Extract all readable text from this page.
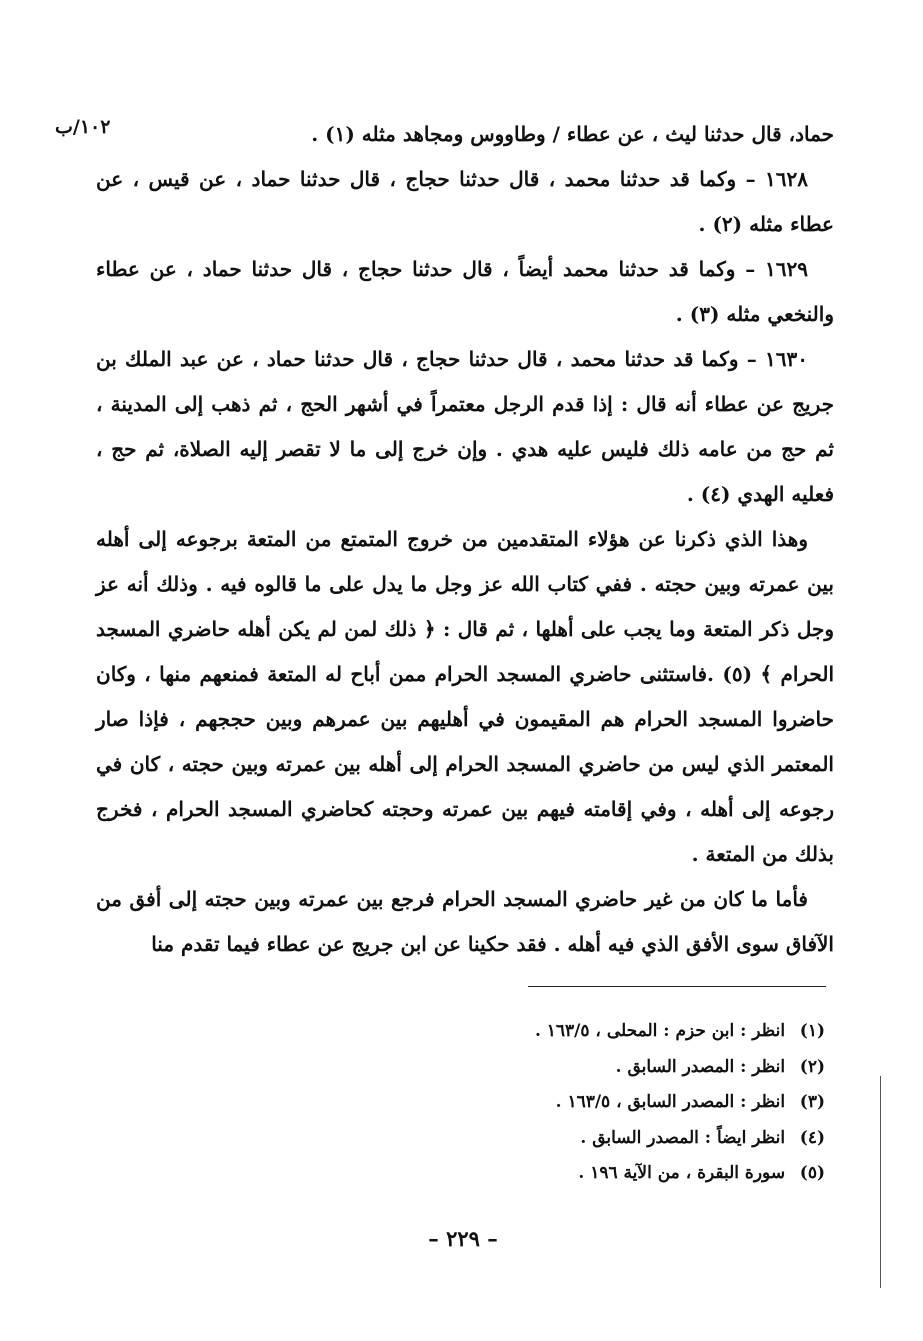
١٠٢/ب	حماد، قال حدثنا ليث ، عن عطاء / وطاووس ومجاهد مثله (١) .

١٦٢٨ – وكما قد حدثنا محمد ، قال حدثنا حجاج ، قال حدثنا حماد ، عن قيس ، عن عطاء مثله (٢) .

١٦٢٩ – وكما قد حدثنا محمد أيضاً ، قال حدثنا حجاج ، قال حدثنا حماد ، عن عطاء والنخعي مثله (٣) .

١٦٣٠ – وكما قد حدثنا محمد ، قال حدثنا حجاج ، قال حدثنا حماد ، عن عبد الملك بن جريج عن عطاء أنه قال : إذا قدم الرجل معتمراً في أشهر الحج ، ثم ذهب إلى المدينة ، ثم حج من عامه ذلك فليس عليه هدي . وإن خرج إلى ما لا تقصر إليه الصلاة، ثم حج ، فعليه الهدي (٤) .

وهذا الذي ذكرنا عن هؤلاء المتقدمين من خروج المتمتع من المتعة برجوعه إلى أهله بين عمرته وبين حجته . ففي كتاب الله عز وجل ما يدل على ما قالوه فيه . وذلك أنه عز وجل ذكر المتعة وما يجب على أهلها ، ثم قال : ﴿ ذلك لمن لم يكن أهله حاضري المسجد الحرام ﴾ (٥) .فاستثنى حاضري المسجد الحرام ممن أباح له المتعة فمنعهم منها ، وكان حاضروا المسجد الحرام هم المقيمون في أهليهم بين عمرهم وبين حججهم ، فإذا صار المعتمر الذي ليس من حاضري المسجد الحرام إلى أهله بين عمرته وبين حجته ، كان في رجوعه إلى أهله ، وفي إقامته فيهم بين عمرته وحجته كحاضري المسجد الحرام ، فخرج بذلك من المتعة .

فأما ما كان من غير حاضري المسجد الحرام فرجع بين عمرته وبين حجته إلى أفق من الآفاق سوى الأفق الذي فيه أهله . فقد حكينا عن ابن جريج عن عطاء فيما تقدم منا

(١) انظر : ابن حزم : المحلى ، ١٦٣/٥ .
(٢) انظر : المصدر السابق .
(٣) انظر : المصدر السابق ، ١٦٣/٥ .
(٤) انظر ايضاً : المصدر السابق .
(٥) سورة البقرة ، من الآية ١٩٦ .
– ٢٢٩ –
